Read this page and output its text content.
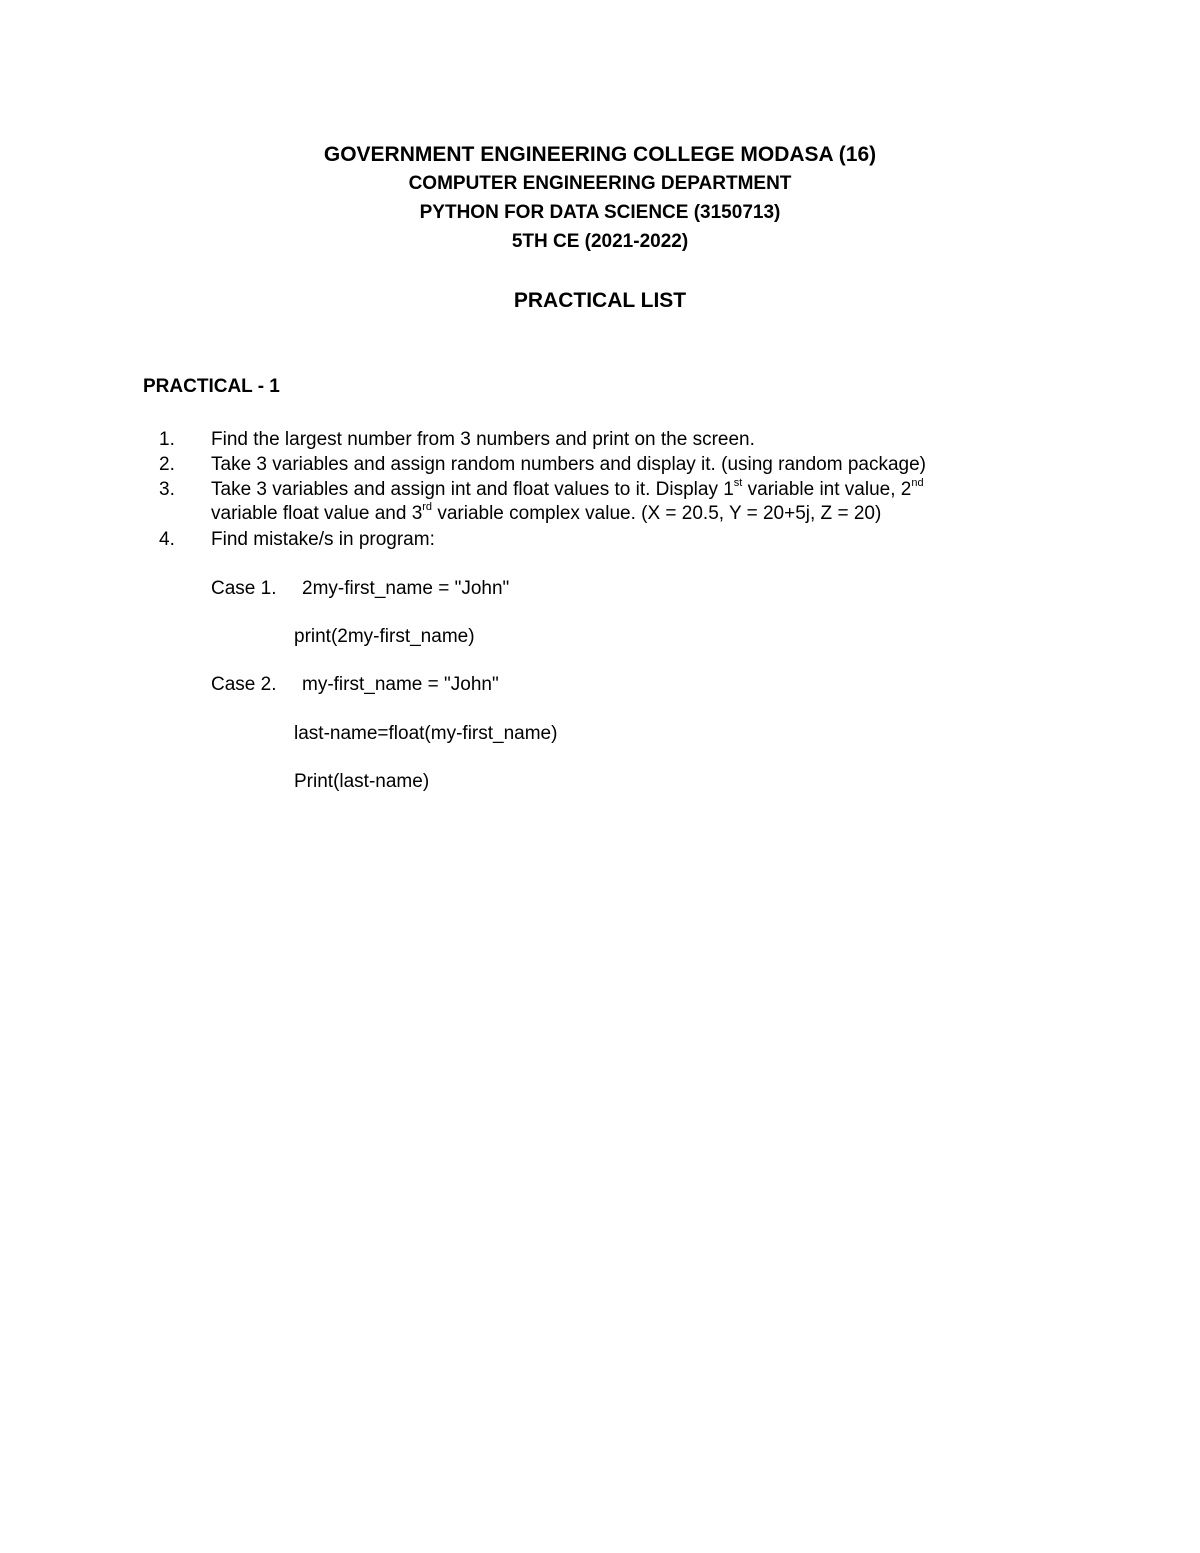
GOVERNMENT ENGINEERING COLLEGE MODASA (16)
COMPUTER ENGINEERING DEPARTMENT
PYTHON FOR DATA SCIENCE (3150713)
5TH CE (2021-2022)
PRACTICAL LIST
PRACTICAL - 1
1. Find the largest number from 3 numbers and print on the screen.
2. Take 3 variables and assign random numbers and display it. (using random package)
3. Take 3 variables and assign int and float values to it. Display 1st variable int value, 2nd
variable float value and 3rd variable complex value. (X = 20.5, Y = 20+5j, Z = 20)
4. Find mistake/s in program:
Case 1. 2my-first_name = "John"
print(2my-first_name)
Case 2. my-first_name = "John"
last-name=float(my-first_name)
Print(last-name)
